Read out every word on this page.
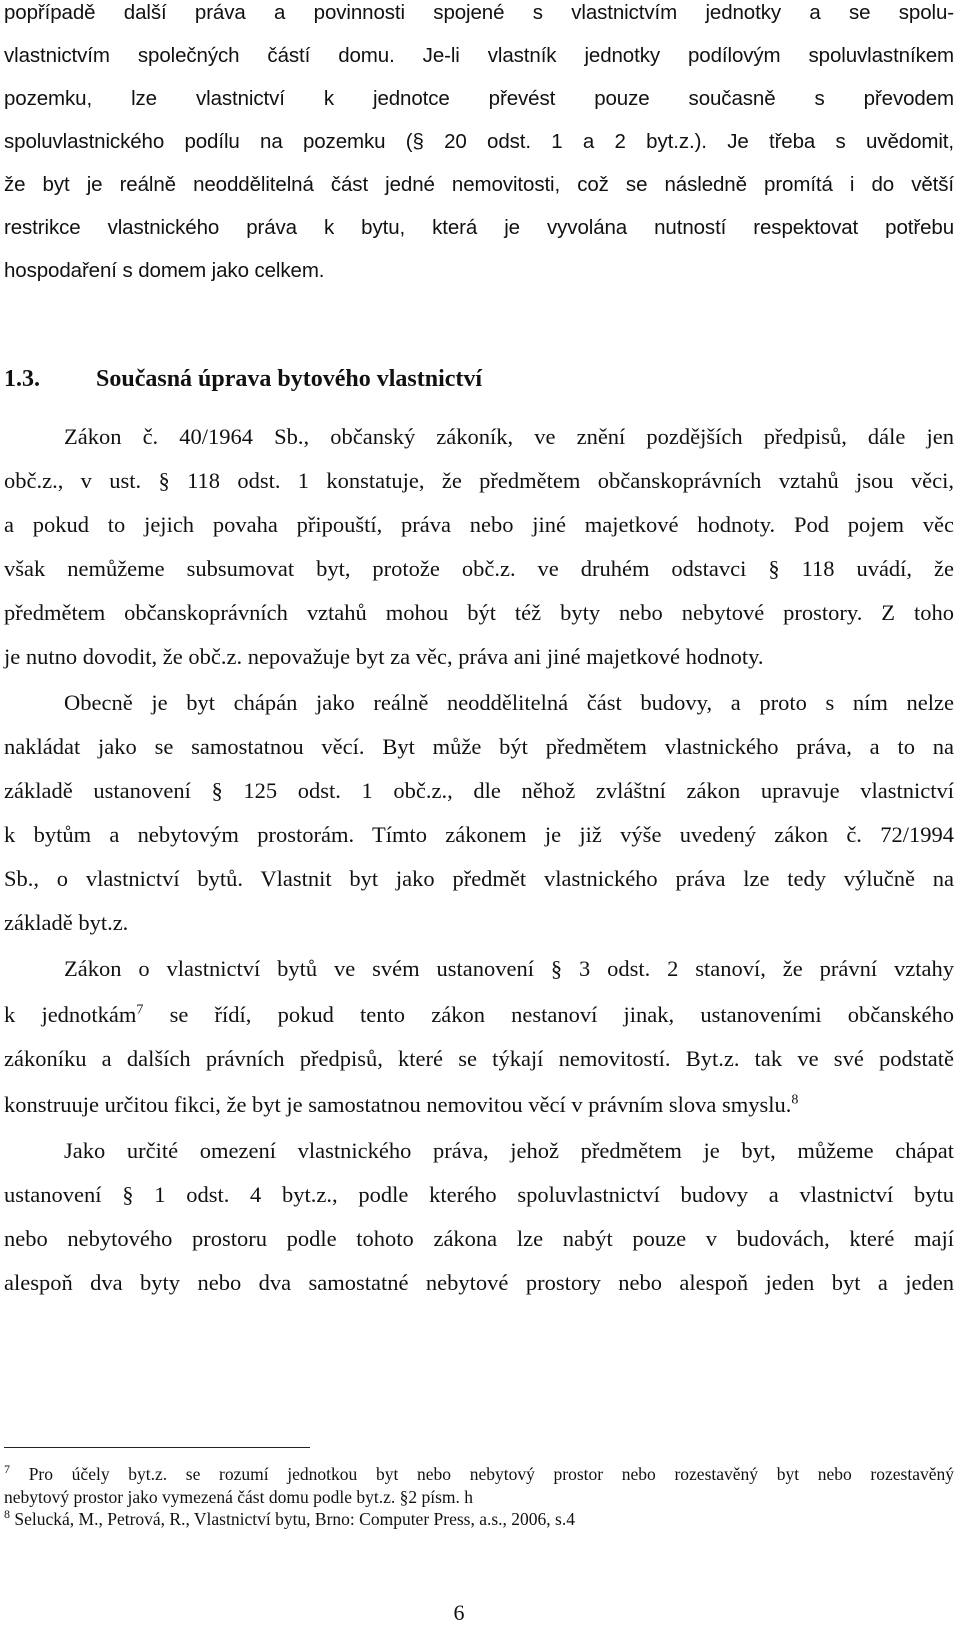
popřípadě další práva a povinnosti spojené s vlastnictvím jednotky a se spolu-
vlastnictvím společných částí domu. Je-li vlastník jednotky podílovým spoluvlastníkem
pozemku, lze vlastnictví k jednotce převést pouze současně s převodem
spoluvlastnického podílu na pozemku (§ 20 odst. 1 a 2 byt.z.). Je třeba s uvědomit,
že byt je reálně neoddělitelná část jedné nemovitosti, což se následně promítá i do větší
restrikce vlastnického práva k bytu, která je vyvolána nutností respektovat potřebu
hospodaření s domem jako celkem.
1.3. Současná úprava bytového vlastnictví
Zákon č. 40/1964 Sb., občanský zákoník, ve znění pozdějších předpisů, dále jen
obč.z., v ust. § 118 odst. 1 konstatuje, že předmětem občanskoprávních vztahů jsou věci,
a pokud to jejich povaha připouští, práva nebo jiné majetkové hodnoty. Pod pojem věc
však nemůžeme subsumovat byt, protože obč.z. ve druhém odstavci § 118 uvádí, že
předmětem občanskoprávních vztahů mohou být též byty nebo nebytové prostory. Z toho
je nutno dovodit, že obč.z. nepovažuje byt za věc, práva ani jiné majetkové hodnoty.
Obecně je byt chápán jako reálně neoddělitelná část budovy, a proto s ním nelze
nakládat jako se samostatnou věcí. Byt může být předmětem vlastnického práva, a to na
základě ustanovení § 125 odst. 1 obč.z., dle něhož zvláštní zákon upravuje vlastnictví
k bytům a nebytovým prostorám. Tímto zákonem je již výše uvedený zákon č. 72/1994
Sb., o vlastnictví bytů. Vlastnit byt jako předmět vlastnického práva lze tedy výlučně na
základě byt.z.
Zákon o vlastnictví bytů ve svém ustanovení § 3 odst. 2 stanoví, že právní vztahy
k jednotkám$^7$ se řídí, pokud tento zákon nestanoví jinak, ustanoveními občanského
zákoníku a dalších právních předpisů, které se týkají nemovitostí. Byt.z. tak ve své podstatě
konstruuje určitou fikci, že byt je samostatnou nemovitou věcí v právním slova smyslu.$^8$
Jako určité omezení vlastnického práva, jehož předmětem je byt, můžeme chápat
ustanovení § 1 odst. 4 byt.z., podle kterého spoluvlastnictví budovy a vlastnictví bytu
nebo nebytového prostoru podle tohoto zákona lze nabýt pouze v budovách, které mají
alespoň dva byty nebo dva samostatné nebytové prostory nebo alespoň jeden byt a jeden
$^7$ Pro účely byt.z. se rozumí jednotkou byt nebo nebytový prostor nebo rozestavěný byt nebo rozestavěný
nebytový prostor jako vymezená část domu podle byt.z. §2 písm. h
$^8$ Selucká, M., Petrová, R., Vlastnictví bytu, Brno: Computer Press, a.s., 2006, s.4
6
